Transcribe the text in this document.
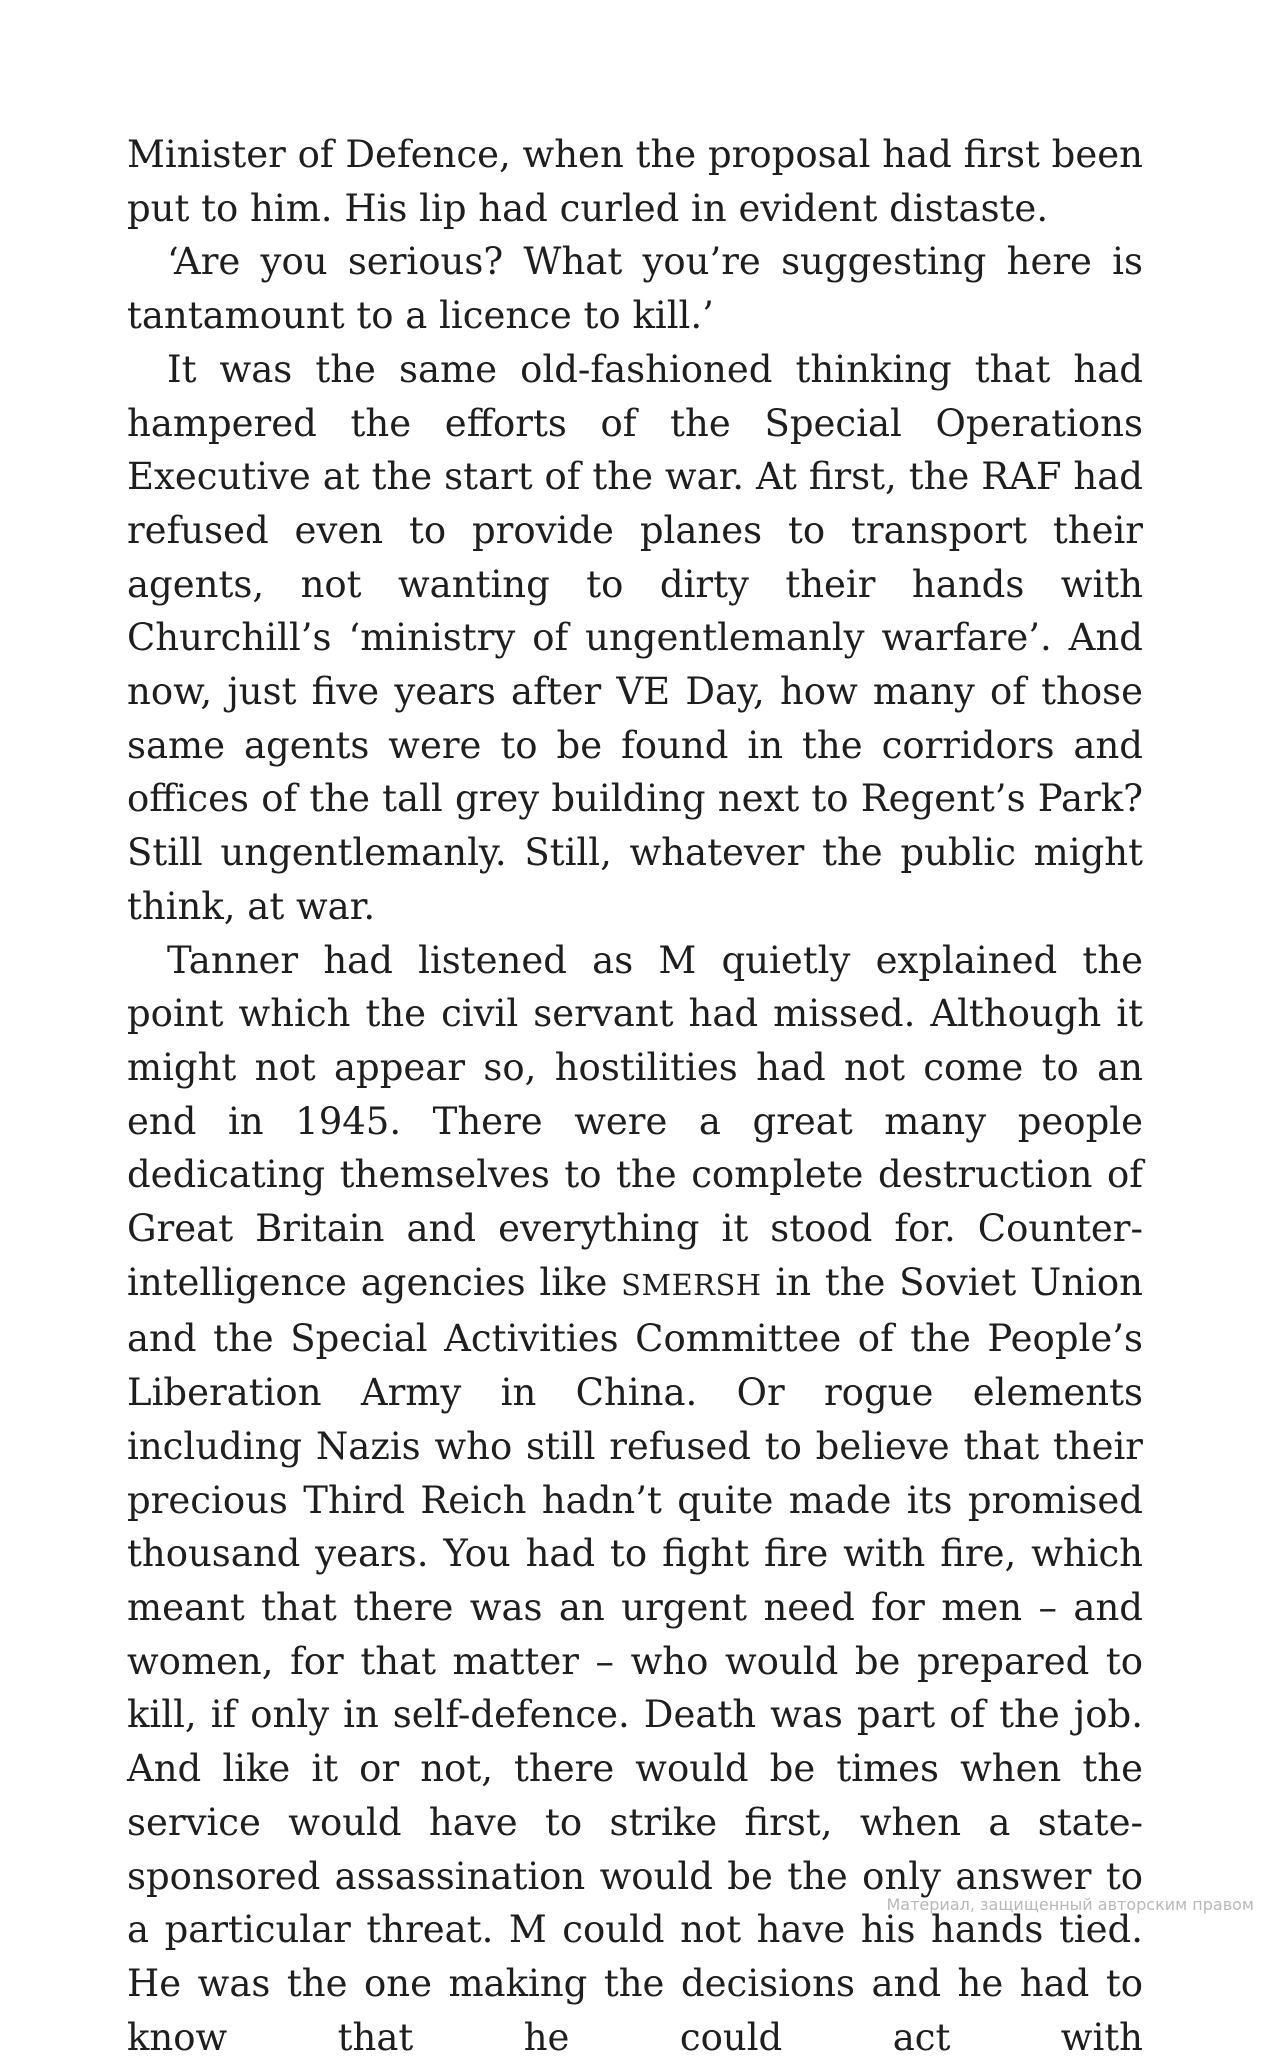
Minister of Defence, when the proposal had first been put to him. His lip had curled in evident distaste.

‘Are you serious? What you’re suggesting here is tantamount to a licence to kill.’

It was the same old-fashioned thinking that had hampered the efforts of the Special Operations Executive at the start of the war. At first, the RAF had refused even to provide planes to transport their agents, not wanting to dirty their hands with Churchill’s ‘ministry of ungentlemanly warfare’. And now, just five years after VE Day, how many of those same agents were to be found in the corridors and offices of the tall grey building next to Regent’s Park? Still ungentlemanly. Still, whatever the public might think, at war.

Tanner had listened as M quietly explained the point which the civil servant had missed. Although it might not appear so, hostilities had not come to an end in 1945. There were a great many people dedicating themselves to the complete destruction of Great Britain and everything it stood for. Counter-intelligence agencies like SMERSH in the Soviet Union and the Special Activities Committee of the People’s Liberation Army in China. Or rogue elements including Nazis who still refused to believe that their precious Third Reich hadn’t quite made its promised thousand years. You had to fight fire with fire, which meant that there was an urgent need for men – and women, for that matter – who would be prepared to kill, if only in self-defence. Death was part of the job. And like it or not, there would be times when the service would have to strike first, when a state-sponsored assassination would be the only answer to a particular threat. M could not have his hands tied. He was the one making the decisions and he had to know that he could act with

Материал, защищенный авторским правом
